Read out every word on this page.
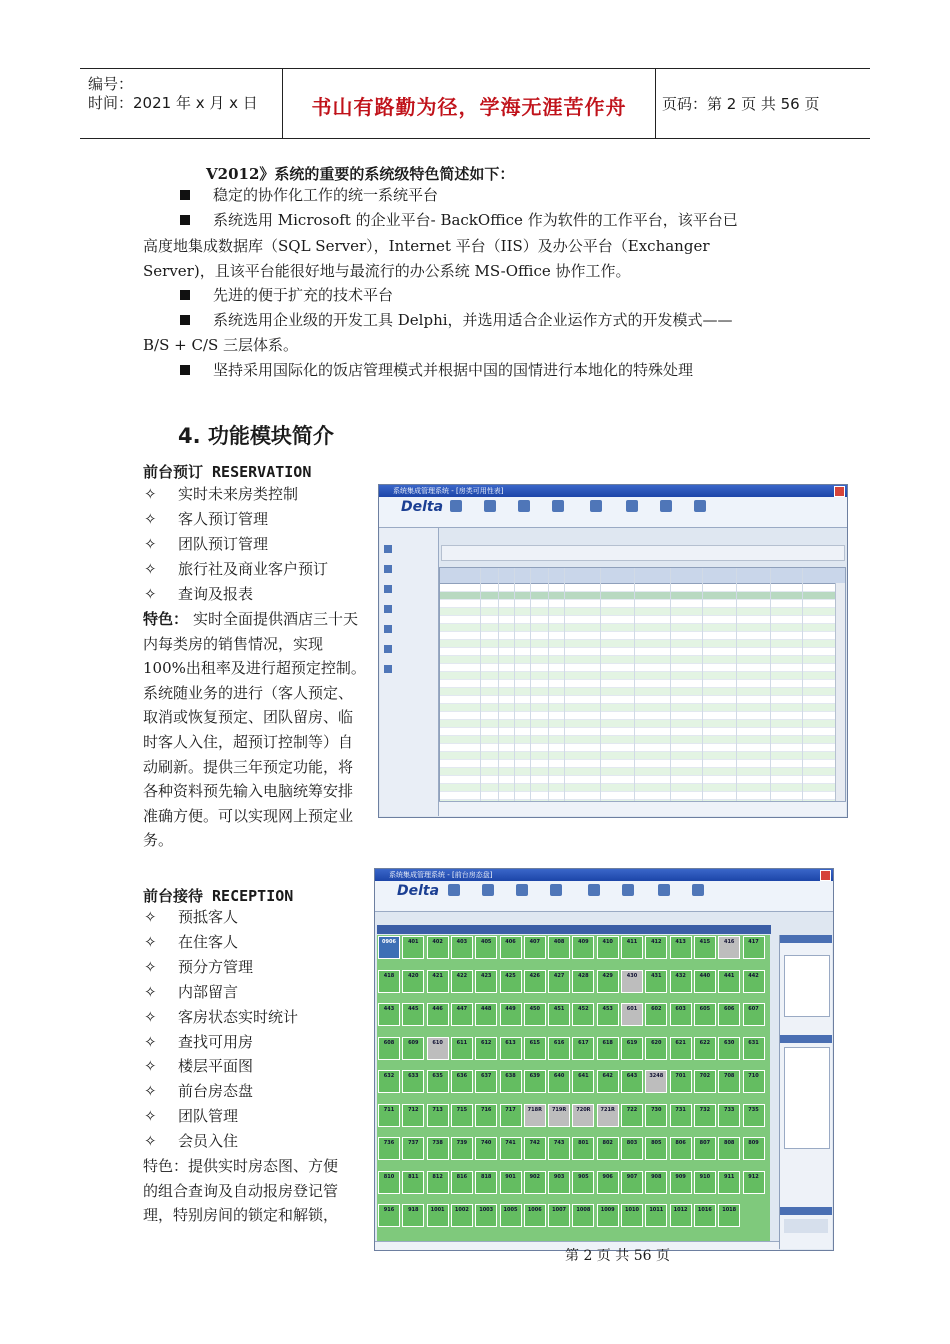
编号：
时间：2021 年 x 月 x 日	书山有路勤为径，学海无涯苦作舟	页码：第 2 页 共 56 页
V2012》系统的重要的系统级特色简述如下：
稳定的协作化工作的统一系统平台
系统选用 Microsoft 的企业平台- BackOffice 作为软件的工作平台，该平台已
高度地集成数据库（SQL Server），Internet 平台（IIS）及办公平台（Exchanger
Server)，且该平台能很好地与最流行的办公系统 MS-Office 协作工作。
先进的便于扩充的技术平台
系统选用企业级的开发工具 Delphi，并选用适合企业运作方式的开发模式——
B/S + C/S 三层体系。
坚持采用国际化的饭店管理模式并根据中国的国情进行本地化的特殊处理
4. 功能模块简介
前台预订 RESERVATION
✧ 实时未来房类控制
✧ 客人预订管理
✧ 团队预订管理
✧ 旅行社及商业客户预订
✧ 查询及报表
特色： 实时全面提供酒店三十天
内每类房的销售情况，实现
100%出租率及进行超预定控制。
系统随业务的进行（客人预定、
取消或恢复预定、团队留房、临
时客人入住，超预订控制等）自
动刷新。提供三年预定功能，将
各种资料预先输入电脑统筹安排
准确方便。可以实现网上预定业
务。
系统集成管理系统 - [房类可用性表]
Delta
前台接待 RECEPTION
✧ 预抵客人
✧ 在住客人
✧ 预分方管理
✧ 内部留言
✧ 客房状态实时统计
✧ 查找可用房
✧ 楼层平面图
✧ 前台房态盘
✧ 团队管理
✧ 会员入住
特色：提供实时房态图、方便
的组合查询及自动报房登记管
理，特别房间的锁定和解锁，
系统集成管理系统 - [前台房态盘]
Delta
0906	401	402	403	405	406	407	408	409	410	411	412	413	415	416	417
418	420	421	422	423	425	426	427	428	429	430	431	432	440	441	442
443	445	446	447	448	449	450	451	452	453	601	602	603	605	606	607
608	609	610	611	612	613	615	616	617	618	619	620	621	622	630	631
632	633	635	636	637	638	639	640	641	642	643	3248	701	702	708	710
711	712	713	715	716	717	718R	719R	720R	721R	722	730	731	732	733	735
736	737	738	739	740	741	742	743	801	802	803	805	806	807	808	809
810	811	812	816	818	901	902	903	905	906	907	908	909	910	911	912
916	918	1001	1002	1003	1005	1006	1007	1008	1009	1010	1011	1012	1016	1018
第 2 页 共 56 页
